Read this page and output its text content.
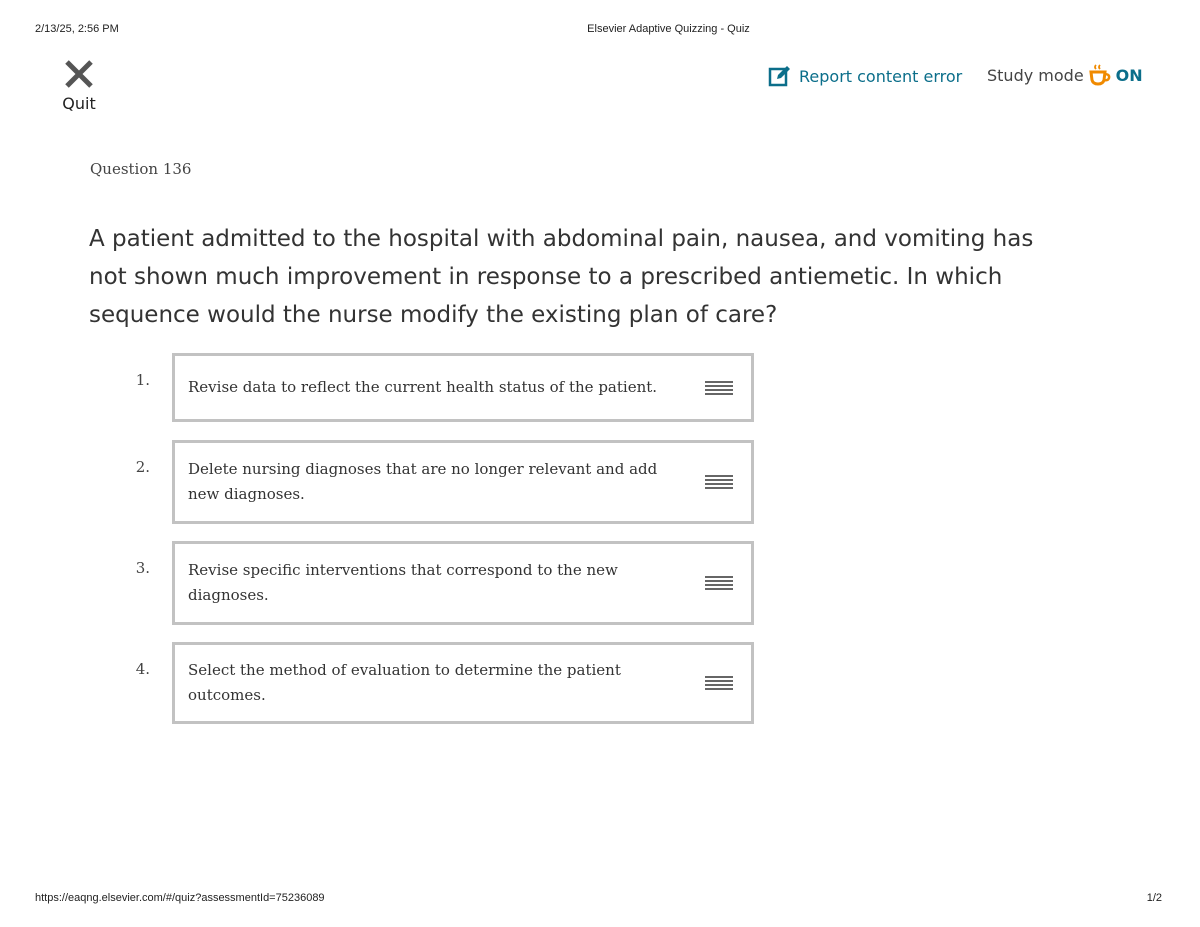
2/13/25, 2:56 PM	Elsevier Adaptive Quizzing - Quiz
Quit
Report content error Study mode ON
Question 136
A patient admitted to the hospital with abdominal pain, nausea, and vomiting has not shown much improvement in response to a prescribed antiemetic. In which sequence would the nurse modify the existing plan of care?
1.	Revise data to reflect the current health status of the patient.
2.	Delete nursing diagnoses that are no longer relevant and add new diagnoses.
3.	Revise specific interventions that correspond to the new diagnoses.
4.	Select the method of evaluation to determine the patient outcomes.
https://eaqng.elsevier.com/#/quiz?assessmentId=75236089	1/2
